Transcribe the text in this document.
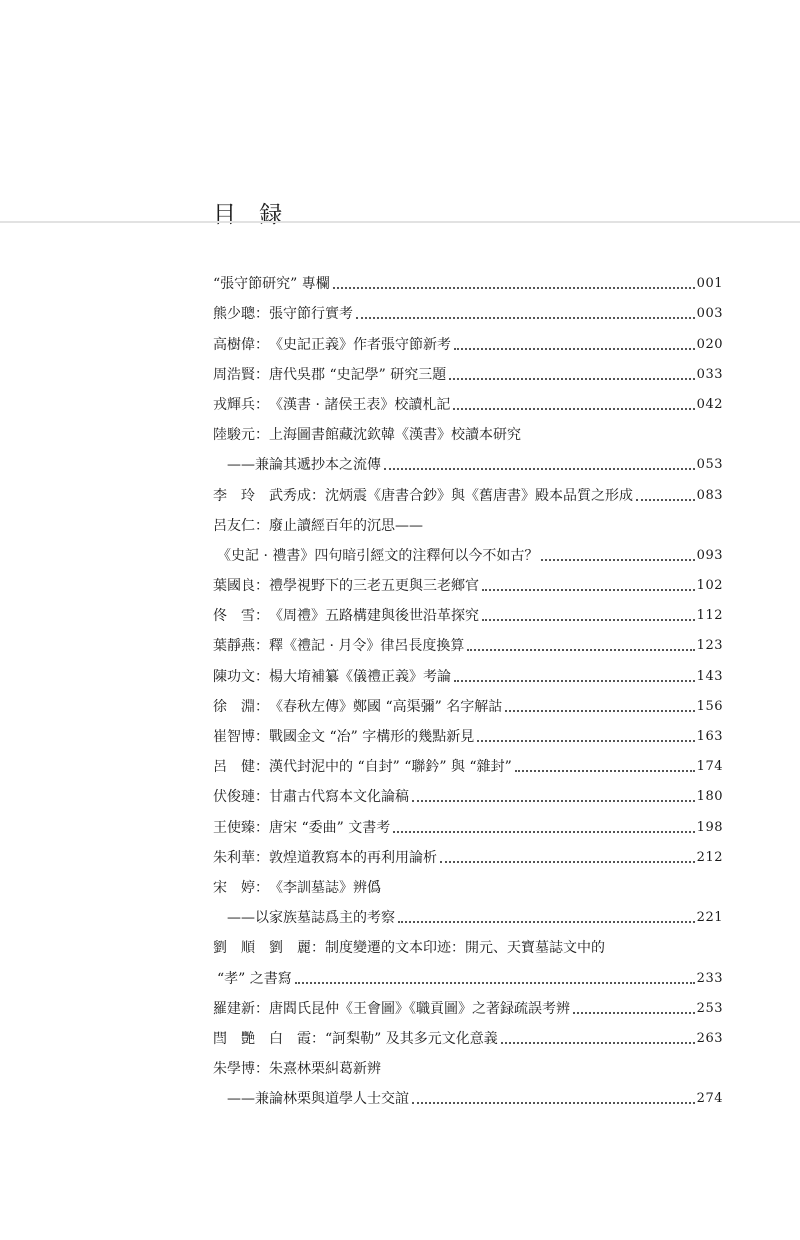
目 録
“張守節研究” 專欄	001
熊少聰： 張守節行實考	003
高樹偉： 《史記正義》作者張守節新考	020
周浩賢： 唐代吳郡 “史記學” 研究三題	033
戎輝兵： 《漢書 · 諸侯王表》校讀札記	042
陸駿元： 上海圖書館藏沈欽韓《漢書》校讀本研究
——兼論其遞抄本之流傳	053
李　玲　武秀成： 沈炳震《唐書合鈔》與《舊唐書》殿本品質之形成	083
呂友仁： 廢止讀經百年的沉思——
《史記 · 禮書》四句暗引經文的注釋何以今不如古？	093
葉國良： 禮學視野下的三老五更與三老鄉官	102
佟　雪： 《周禮》五路構建與後世沿革探究	112
葉靜燕： 釋《禮記 · 月令》律呂長度換算	123
陳功文： 楊大堉補纂《儀禮正義》考論	143
徐　淵： 《春秋左傳》鄭國 “高渠彌” 名字解詁	156
崔智博： 戰國金文 “冶” 字構形的幾點新見	163
呂　健： 漢代封泥中的 “自封” “聯鈐” 與 “雜封”	174
伏俊璉： 甘肅古代寫本文化論稿	180
王使臻： 唐宋 “委曲” 文書考	198
朱利華： 敦煌道教寫本的再利用論析	212
宋　婷： 《李訓墓誌》辨僞
——以家族墓誌爲主的考察	221
劉　順　劉　麗： 制度變遷的文本印迹：開元、天寶墓誌文中的
“孝” 之書寫	233
羅建新： 唐閻氏昆仲《王會圖》《職貢圖》之著録疏誤考辨	253
閆　艷　白　霞： “訶梨勒” 及其多元文化意義	263
朱學博： 朱熹林栗糾葛新辨
——兼論林栗與道學人士交誼	274
